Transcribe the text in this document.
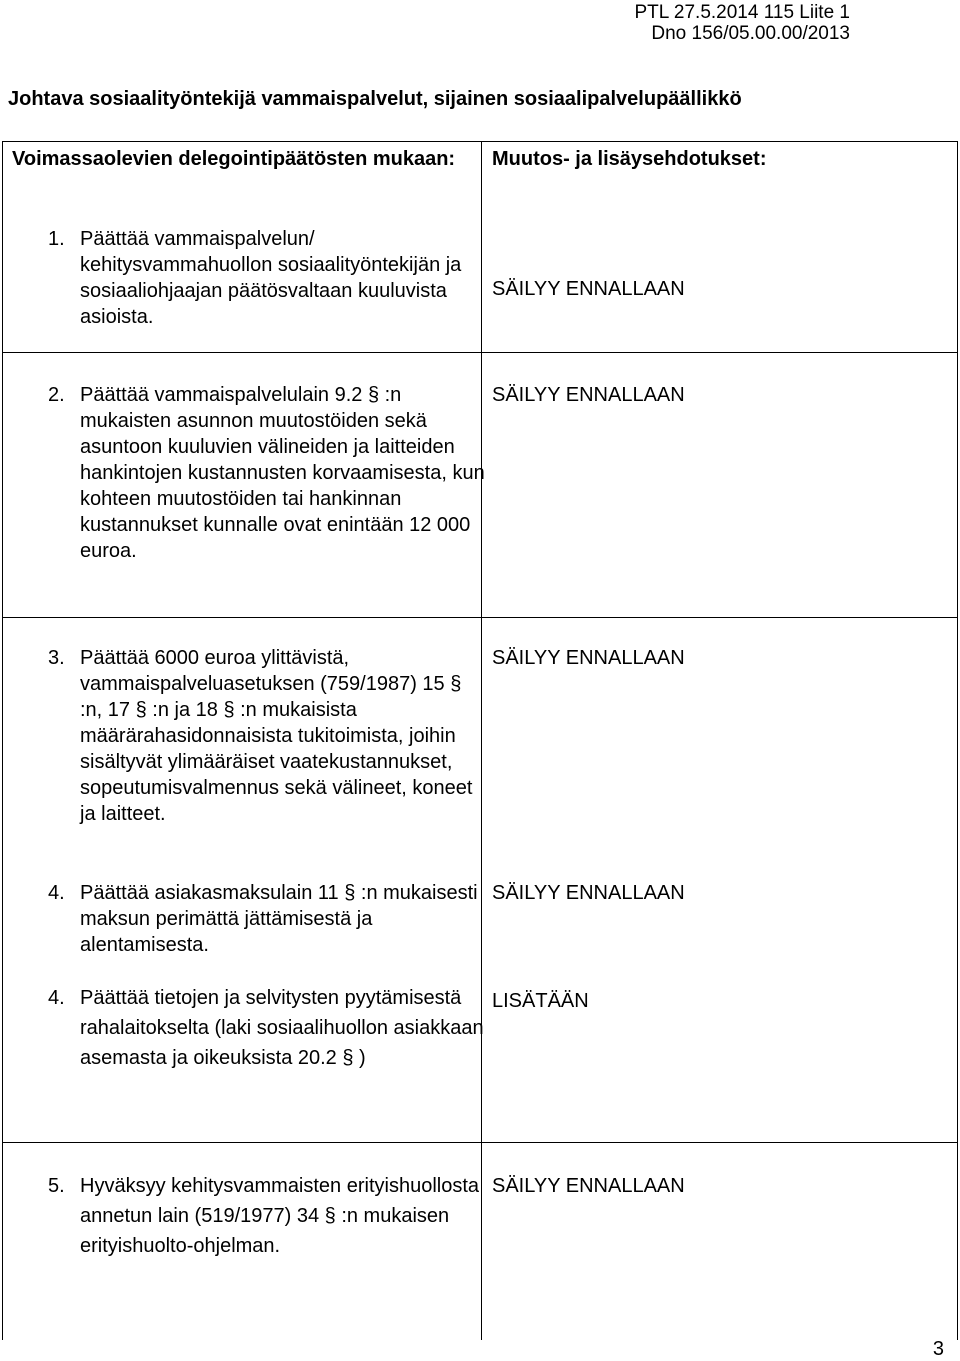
PTL 27.5.2014 115 Liite 1
Dno 156/05.00.00/2013
Johtava sosiaalityöntekijä vammaispalvelut, sijainen sosiaalipalvelupäällikkö
Voimassaolevien delegointipäätösten mukaan:	Muutos- ja lisäysehdotukset:
1. Päättää vammaispalvelun/ kehitysvammahuollon sosiaalityöntekijän ja sosiaaliohjaajan päätösvaltaan kuuluvista asioista.
SÄILYY ENNALLAAN
2. Päättää vammaispalvelulain 9.2 § :n mukaisten asunnon muutostöiden sekä asuntoon kuuluvien välineiden ja laitteiden hankintojen kustannusten korvaamisesta, kun kohteen muutostöiden tai hankinnan kustannukset kunnalle ovat enintään 12 000 euroa.
SÄILYY ENNALLAAN
3. Päättää 6000 euroa ylittävistä, vammaispalveluasetuksen (759/1987) 15 § :n, 17 § :n ja 18 § :n mukaisista määrärahasidonnaisista tukitoimista, joihin sisältyvät ylimääräiset vaatekustannukset, sopeutumisvalmennus sekä välineet, koneet ja laitteet.
SÄILYY ENNALLAAN
4. Päättää asiakasmaksulain 11 § :n mukaisesti maksun perimättä jättämisestä ja alentamisesta.
SÄILYY ENNALLAAN
4. Päättää tietojen ja selvitysten pyytämisestä rahalaitokselta (laki sosiaalihuollon asiakkaan asemasta ja oikeuksista 20.2 § )
LISÄTÄÄN
5. Hyväksyy kehitysvammaisten erityishuollosta annetun lain (519/1977) 34 § :n mukaisen erityishuolto-ohjelman.
SÄILYY ENNALLAAN
3
